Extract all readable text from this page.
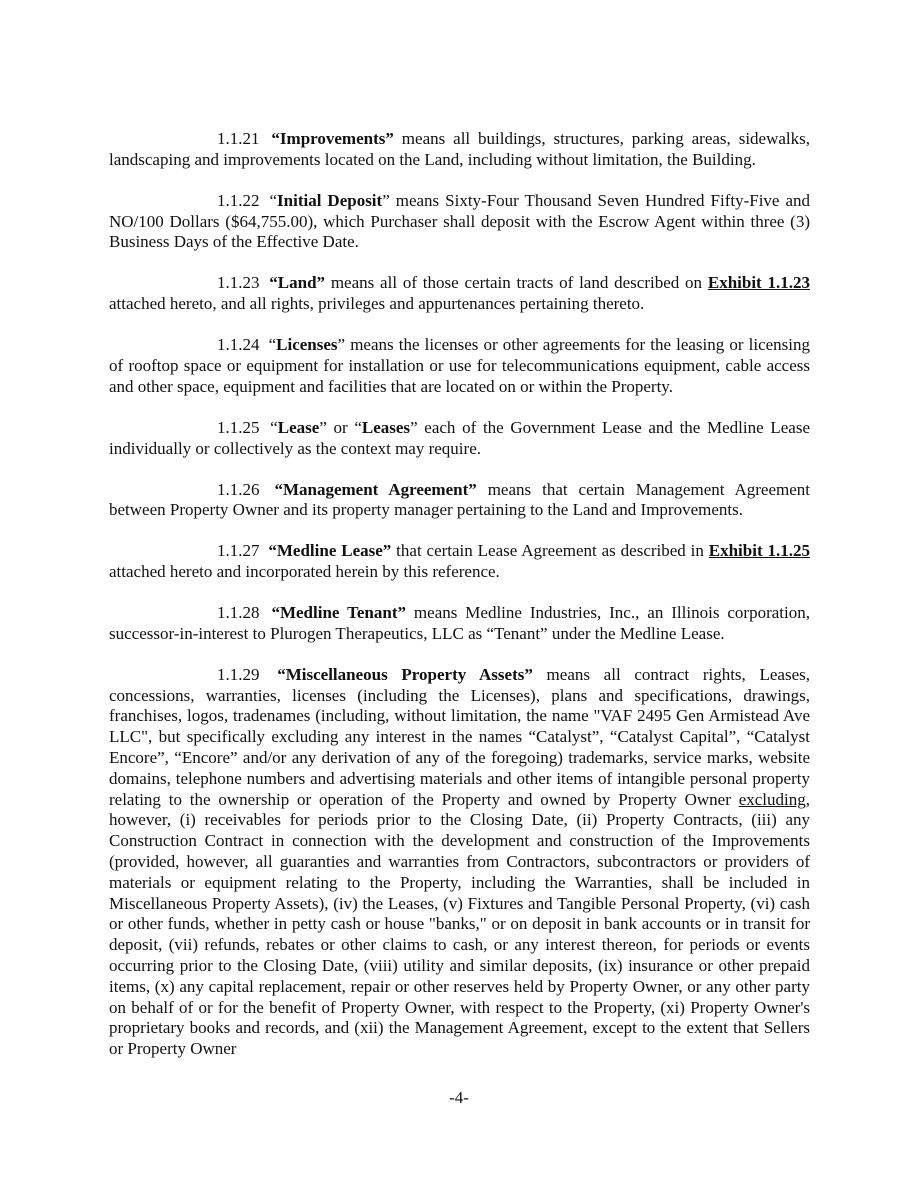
1.1.21 “Improvements” means all buildings, structures, parking areas, sidewalks, landscaping and improvements located on the Land, including without limitation, the Building.

1.1.22 “Initial Deposit” means Sixty-Four Thousand Seven Hundred Fifty-Five and NO/100 Dollars ($64,755.00), which Purchaser shall deposit with the Escrow Agent within three (3) Business Days of the Effective Date.

1.1.23 “Land” means all of those certain tracts of land described on Exhibit 1.1.23 attached hereto, and all rights, privileges and appurtenances pertaining thereto.

1.1.24 “Licenses” means the licenses or other agreements for the leasing or licensing of rooftop space or equipment for installation or use for telecommunications equipment, cable access and other space, equipment and facilities that are located on or within the Property.

1.1.25 “Lease” or “Leases” each of the Government Lease and the Medline Lease individually or collectively as the context may require.

1.1.26 “Management Agreement” means that certain Management Agreement between Property Owner and its property manager pertaining to the Land and Improvements.

1.1.27 “Medline Lease” that certain Lease Agreement as described in Exhibit 1.1.25 attached hereto and incorporated herein by this reference.

1.1.28 “Medline Tenant” means Medline Industries, Inc., an Illinois corporation, successor-in-interest to Plurogen Therapeutics, LLC as “Tenant” under the Medline Lease.

1.1.29 “Miscellaneous Property Assets” means all contract rights, Leases, concessions, warranties, licenses (including the Licenses), plans and specifications, drawings, franchises, logos, tradenames (including, without limitation, the name "VAF 2495 Gen Armistead Ave LLC", but specifically excluding any interest in the names “Catalyst”, “Catalyst Capital”, “Catalyst Encore”, “Encore” and/or any derivation of any of the foregoing) trademarks, service marks, website domains, telephone numbers and advertising materials and other items of intangible personal property relating to the ownership or operation of the Property and owned by Property Owner excluding, however, (i) receivables for periods prior to the Closing Date, (ii) Property Contracts, (iii) any Construction Contract in connection with the development and construction of the Improvements (provided, however, all guaranties and warranties from Contractors, subcontractors or providers of materials or equipment relating to the Property, including the Warranties, shall be included in Miscellaneous Property Assets), (iv) the Leases, (v) Fixtures and Tangible Personal Property, (vi) cash or other funds, whether in petty cash or house "banks," or on deposit in bank accounts or in transit for deposit, (vii) refunds, rebates or other claims to cash, or any interest thereon, for periods or events occurring prior to the Closing Date, (viii) utility and similar deposits, (ix) insurance or other prepaid items, (x) any capital replacement, repair or other reserves held by Property Owner, or any other party on behalf of or for the benefit of Property Owner, with respect to the Property, (xi) Property Owner's proprietary books and records, and (xii) the Management Agreement, except to the extent that Sellers or Property Owner

-4-
